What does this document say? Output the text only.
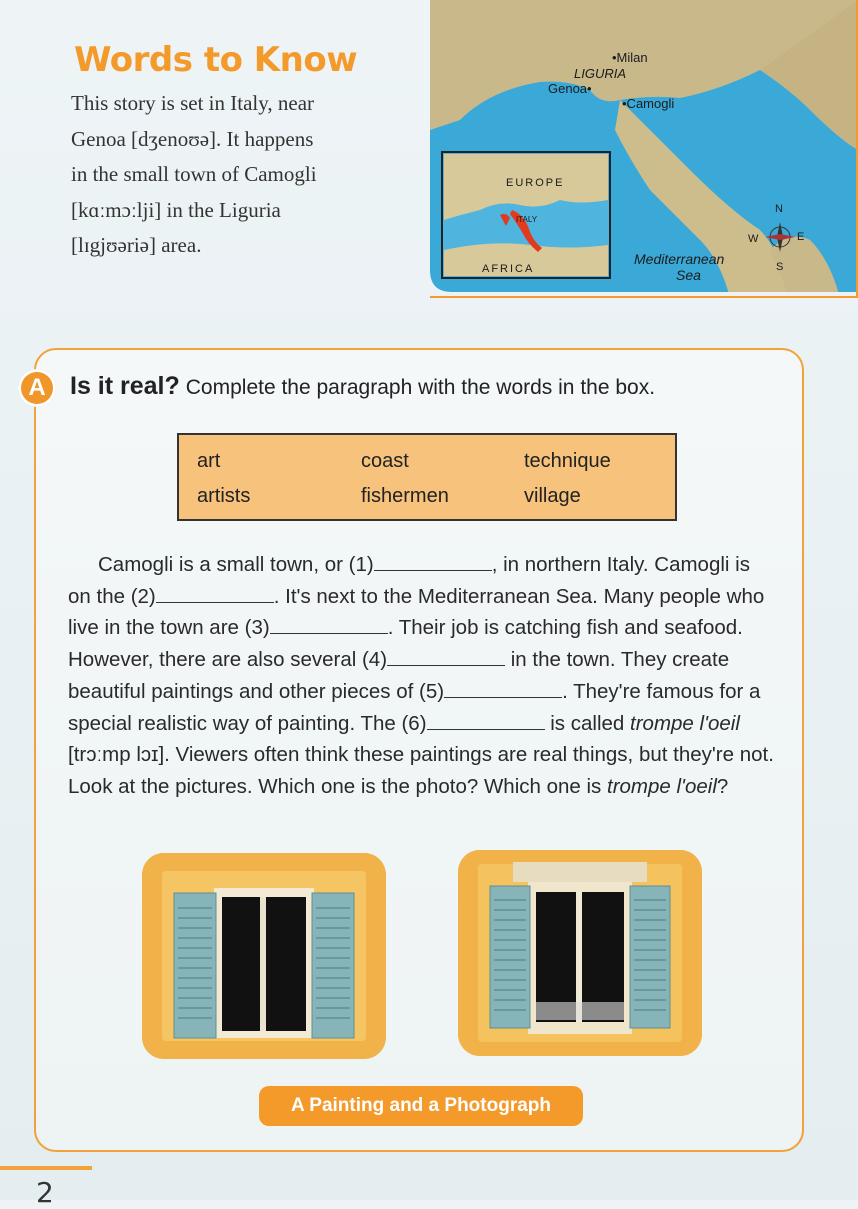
Words to Know
This story is set in Italy, near
Genoa [dʒenoʊə]. It happens
in the small town of Camogli
[kɑːmɔːlji] in the Liguria
[lɪgjʊəriə] area.
•Milan
LIGURIA
Genoa•
•Camogli
EUROPE
ITALY
AFRICA
Mediterranean
Sea
N
S
E
W
A Is it real? Complete the paragraph with the words in the box.
art	coast	technique
artists	fishermen	village
Camogli is a small town, or (1)	, in northern Italy. Camogli is on the (2)	. It's next to the Mediterranean Sea. Many people who live in the town are (3)	. Their job is catching fish and seafood. However, there are also several (4)	in the town. They create beautiful paintings and other pieces of (5)	. They're famous for a special realistic way of painting. The (6)	is called trompe l'oeil [trɔːmp lɔɪ]. Viewers often think these paintings are real things, but they're not. Look at the pictures. Which one is the photo? Which one is trompe l'oeil?
A Painting and a Photograph
2
